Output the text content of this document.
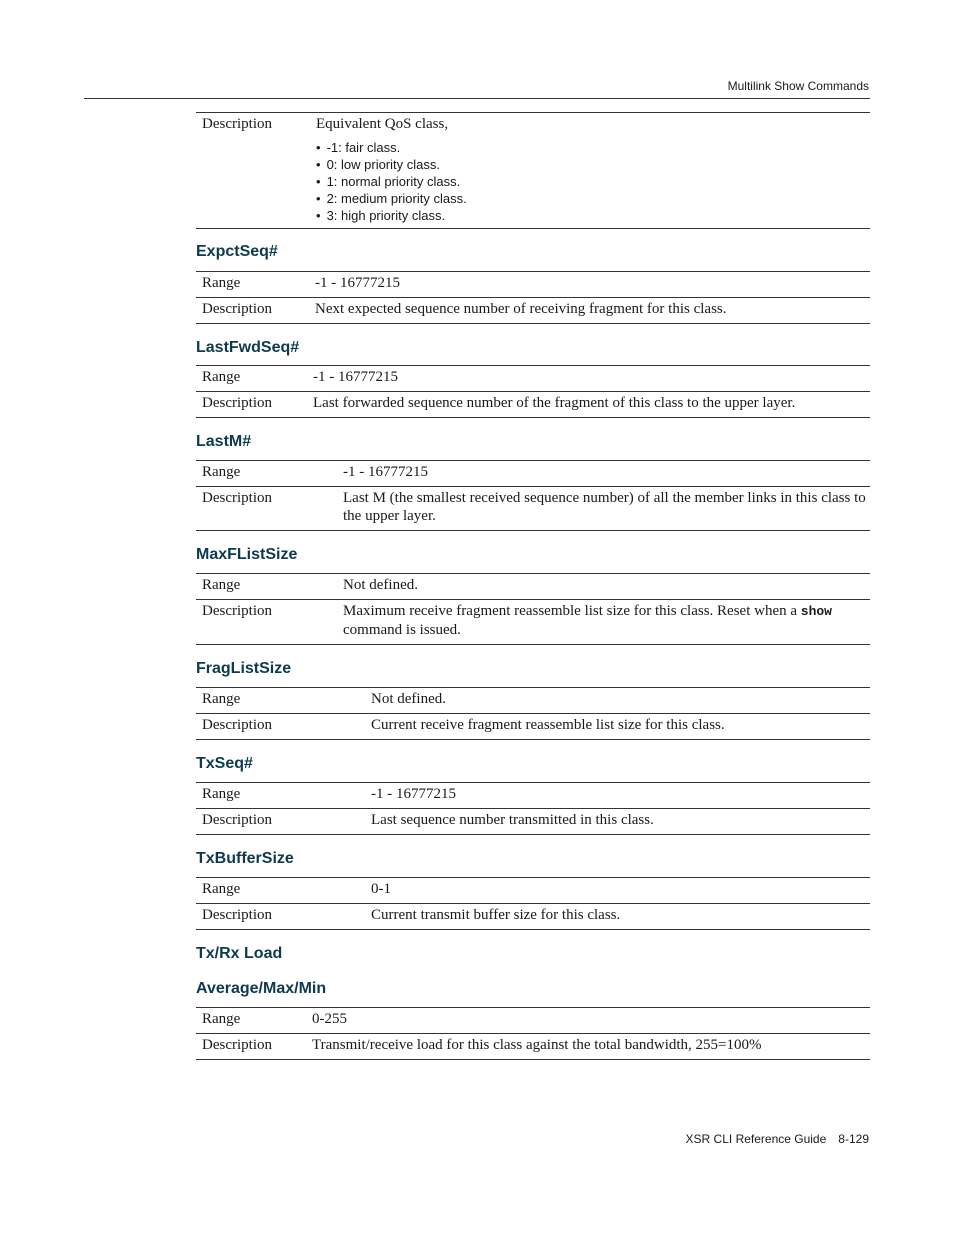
Multilink Show Commands
Description	Equivalent QoS class,
• -1: fair class.
• 0: low priority class.
• 1: normal priority class.
• 2: medium priority class.
• 3: high priority class.
ExpctSeq#
Range	-1 - 16777215
Description	Next expected sequence number of receiving fragment for this class.
LastFwdSeq#
Range	-1 - 16777215
Description	Last forwarded sequence number of the fragment of this class to the upper layer.
LastM#
Range	-1 - 16777215
Description	Last M (the smallest received sequence number) of all the member links in this class to the upper layer.
MaxFListSize
Range	Not defined.
Description	Maximum receive fragment reassemble list size for this class. Reset when a show command is issued.
FragListSize
Range	Not defined.
Description	Current receive fragment reassemble list size for this class.
TxSeq#
Range	-1 - 16777215
Description	Last sequence number transmitted in this class.
TxBufferSize
Range	0-1
Description	Current transmit buffer size for this class.
Tx/Rx Load
Average/Max/Min
Range	0-255
Description	Transmit/receive load for this class against the total bandwidth, 255=100%
XSR CLI Reference Guide 8-129
